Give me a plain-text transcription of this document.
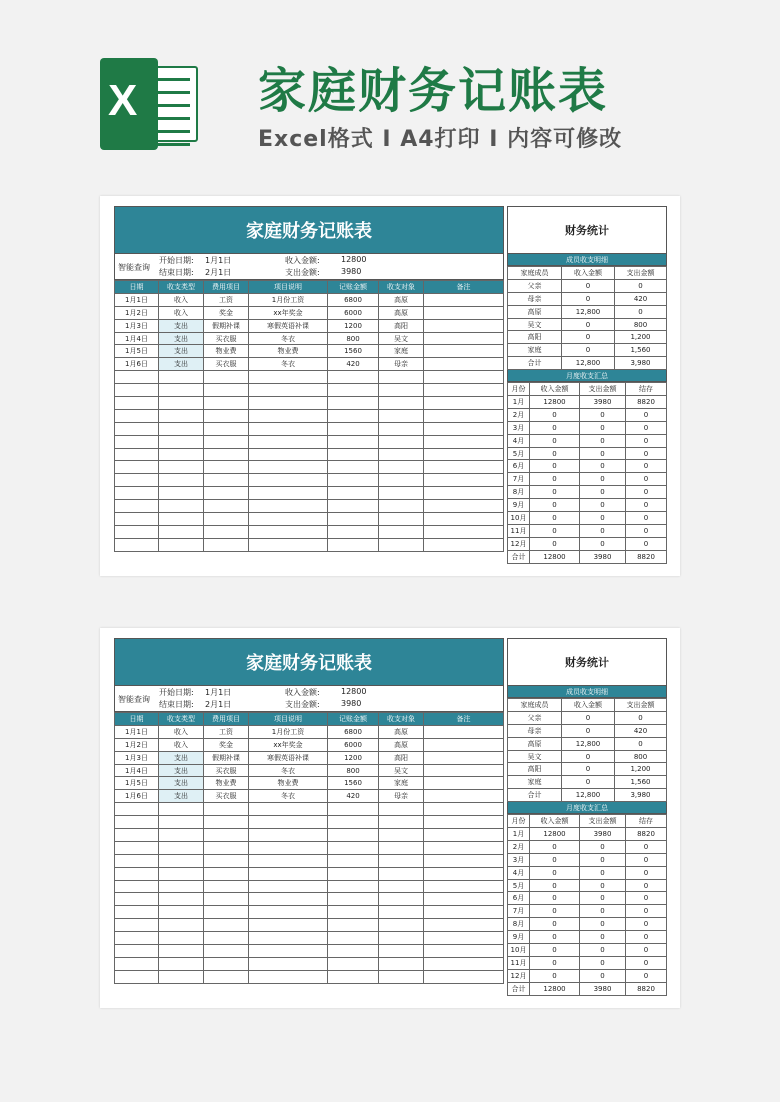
X	家庭财务记账表
Excel格式 I A4打印 I 内容可修改
家庭财务记账表
智能查询
开始日期: 1月1日
结束日期: 2月1日
收入金额:	12800
支出金额:	3980
日期	收支类型	费用项目	项目说明	记账金额	收支对象	备注
1月1日	收入	工资	1月份工资	6800	高原	
1月2日	收入	奖金	xx年奖金	6000	高原	
1月3日	支出	假期补课	寒假英语补课	1200	高阳	
1月4日	支出	买衣服	冬衣	800	吴文	
1月5日	支出	物业费	物业费	1560	家庭	
1月6日	支出	买衣服	冬衣	420	母亲	

财务统计
成员收支明细
家庭成员	收入金额	支出金额
父亲	0	0
母亲	0	420
高原	12,800	0
吴文	0	800
高阳	0	1,200
家庭	0	1,560
合计	12,800	3,980
月度收支汇总
月份	收入金额	支出金额	结存
1月	12800	3980	8820
2月	0	0	0
3月	0	0	0
4月	0	0	0
5月	0	0	0
6月	0	0	0
7月	0	0	0
8月	0	0	0
9月	0	0	0
10月	0	0	0
11月	0	0	0
12月	0	0	0
合计	12800	3980	8820
家庭财务记账表
智能查询
开始日期: 1月1日
结束日期: 2月1日
收入金额:	12800
支出金额:	3980
日期	收支类型	费用项目	项目说明	记账金额	收支对象	备注
1月1日	收入	工资	1月份工资	6800	高原	
1月2日	收入	奖金	xx年奖金	6000	高原	
1月3日	支出	假期补课	寒假英语补课	1200	高阳	
1月4日	支出	买衣服	冬衣	800	吴文	
1月5日	支出	物业费	物业费	1560	家庭	
1月6日	支出	买衣服	冬衣	420	母亲	

财务统计
成员收支明细
家庭成员	收入金额	支出金额
父亲	0	0
母亲	0	420
高原	12,800	0
吴文	0	800
高阳	0	1,200
家庭	0	1,560
合计	12,800	3,980
月度收支汇总
月份	收入金额	支出金额	结存
1月	12800	3980	8820
2月	0	0	0
3月	0	0	0
4月	0	0	0
5月	0	0	0
6月	0	0	0
7月	0	0	0
8月	0	0	0
9月	0	0	0
10月	0	0	0
11月	0	0	0
12月	0	0	0
合计	12800	3980	8820
